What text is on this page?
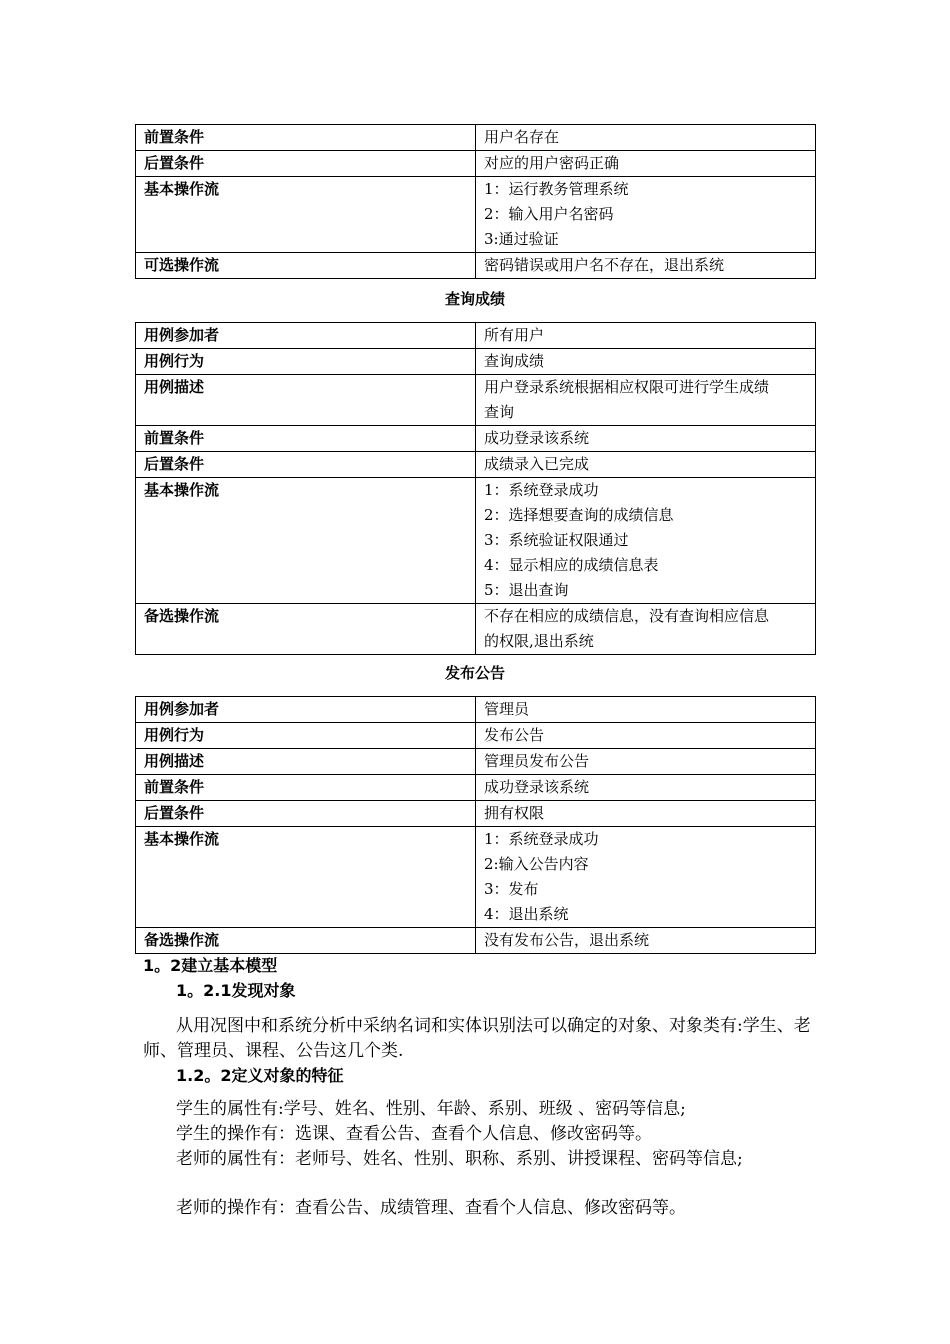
前置条件	用户名存在

后置条件	对应的用户密码正确

基本操作流	1：运行教务管理系统
2：输入用户名密码
3:通过验证

可选操作流	密码错误或用户名不存在，退出系统
查询成绩
用例参加者	所有用户

用例行为	查询成绩

用例描述	用户登录系统根据相应权限可进行学生成绩
查询

前置条件	成功登录该系统

后置条件	成绩录入已完成

基本操作流	1：系统登录成功
2：选择想要查询的成绩信息
3：系统验证权限通过
4：显示相应的成绩信息表
5：退出查询

备选操作流	不存在相应的成绩信息，没有查询相应信息
的权限,退出系统
发布公告
用例参加者	管理员

用例行为	发布公告

用例描述	管理员发布公告

前置条件	成功登录该系统

后置条件	拥有权限

基本操作流	1：系统登录成功
2:输入公告内容
3：发布
4：退出系统

备选操作流	没有发布公告，退出系统
1。2建立基本模型
1。2.1发现对象
从用况图中和系统分析中采纳名词和实体识别法可以确定的对象、对象类有:学生、老师、管理员、课程、公告这几个类.
1.2。2定义对象的特征
学生的属性有:学号、姓名、性别、年龄、系别、班级 、密码等信息;
学生的操作有：选课、查看公告、查看个人信息、修改密码等。
老师的属性有：老师号、姓名、性别、职称、系别、讲授课程、密码等信息;
老师的操作有：查看公告、成绩管理、查看个人信息、修改密码等。
